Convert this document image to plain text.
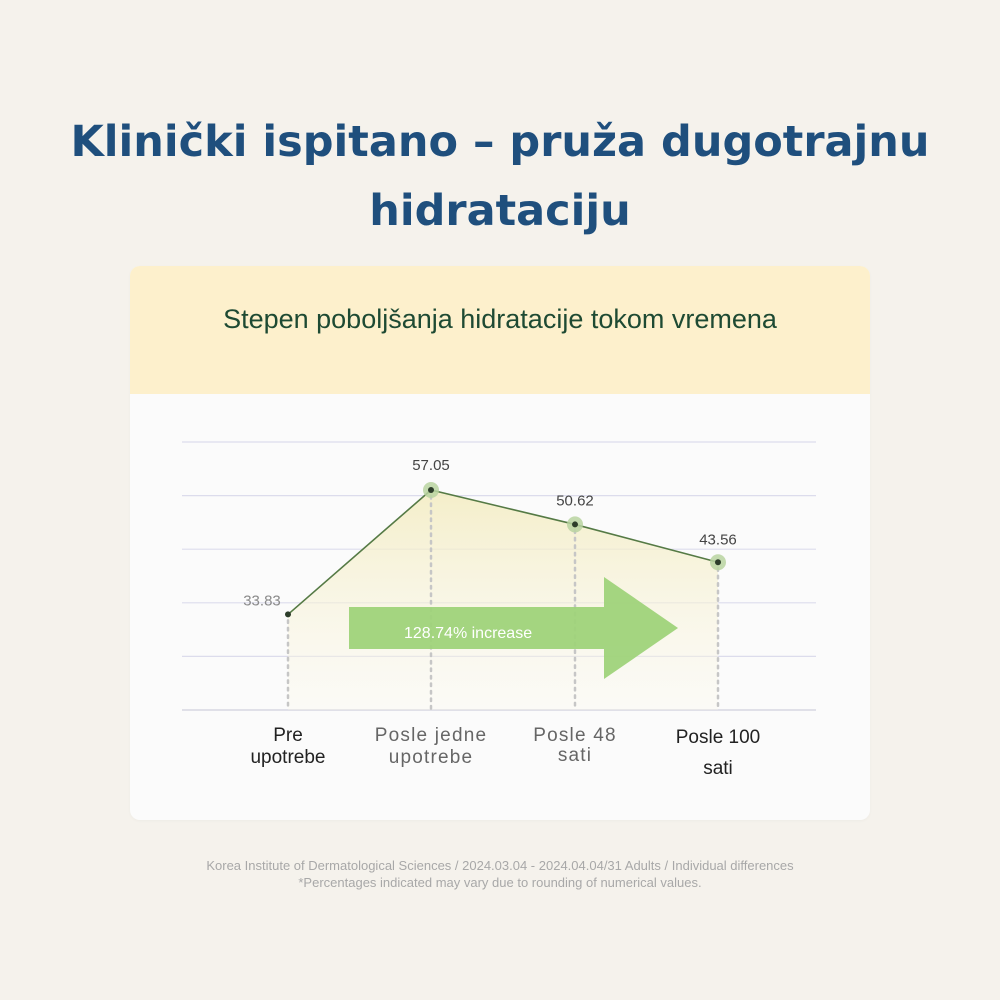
Klinički ispitano – pruža dugotrajnu hidrataciju
Stepen poboljšanja hidratacije tokom vremena
128.74% increase
33.83
57.05
50.62
43.56
Pre upotrebe
Posle jedne upotrebe
Posle 48 sati
Posle 100 sati
Korea Institute of Dermatological Sciences / 2024.03.04 - 2024.04.04/31 Adults / Individual differences
*Percentages indicated may vary due to rounding of numerical values.
